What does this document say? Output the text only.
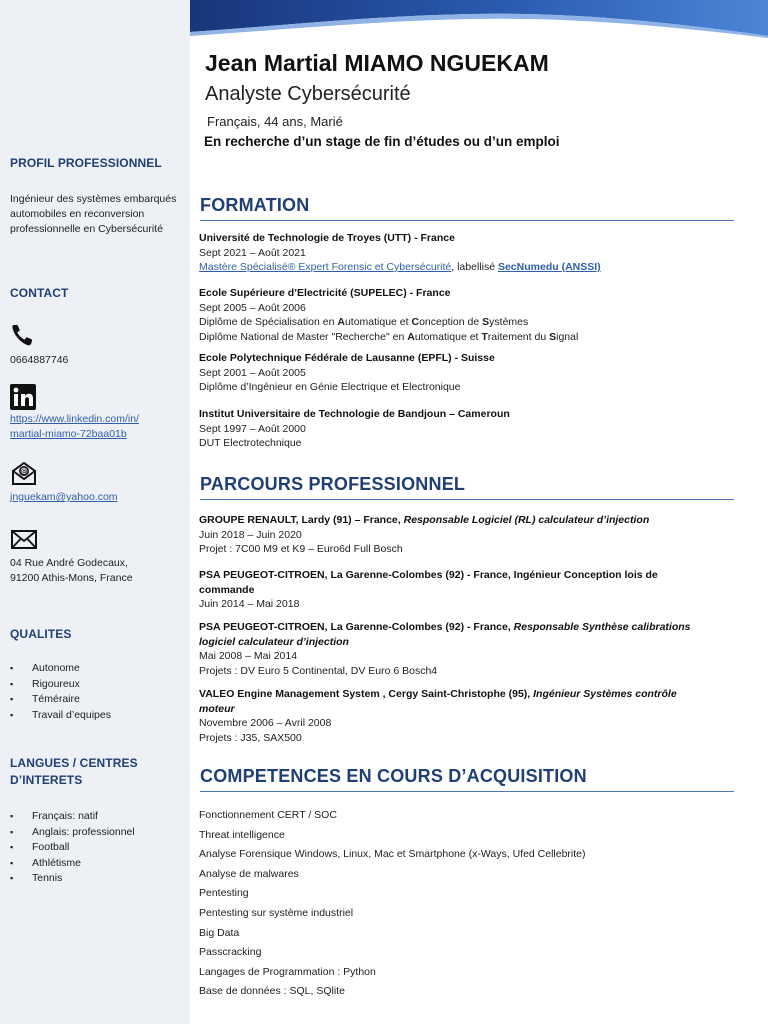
PROFIL PROFESSIONNEL
Ingénieur des systèmes embarqués automobiles en reconversion professionnelle en Cybersécurité
CONTACT
0664887746
https://www.linkedin.com/in/
martial-miamo-72baa01b
@
jnguekam@yahoo.com
04 Rue André Godecaux,
91200 Athis-Mons, France
QUALITES
▪ Autonome
▪ Rigoureux
▪ Téméraire
▪ Travail d’equipes
LANGUES / CENTRES
D’INTERETS
▪ Français: natif
▪ Anglais: professionnel
▪ Football
▪ Athlétisme
▪ Tennis
Jean Martial MIAMO NGUEKAM
Analyste Cybersécurité
Français, 44 ans, Marié
En recherche d’un stage de fin d’études ou d’un emploi
FORMATION
Université de Technologie de Troyes (UTT) - France
Sept 2021 – Août 2021
Mastère Spécialisé® Expert Forensic et Cybersécurité, labellisé SecNumedu (ANSSI)
Ecole Supérieure d’Electricité (SUPELEC) - France
Sept 2005 – Août 2006
Diplôme de Spécialisation en Automatique et Conception de Systèmes
Diplôme National de Master "Recherche" en Automatique et Traitement du Signal
Ecole Polytechnique Fédérale de Lausanne (EPFL) - Suisse
Sept 2001 – Août 2005
Diplôme d’Ingénieur en Génie Electrique et Electronique
Institut Universitaire de Technologie de Bandjoun – Cameroun
Sept 1997 – Août 2000
DUT Electrotechnique
PARCOURS PROFESSIONNEL
GROUPE RENAULT, Lardy (91) – France, Responsable Logiciel (RL) calculateur d’injection
Juin 2018 – Juin 2020
Projet : 7C00 M9 et K9 – Euro6d Full Bosch
PSA PEUGEOT-CITROEN, La Garenne-Colombes (92) - France, Ingénieur Conception lois de
commande
Juin 2014 – Mai 2018
PSA PEUGEOT-CITROEN, La Garenne-Colombes (92) - France, Responsable Synthèse calibrations
logiciel calculateur d’injection
Mai 2008 – Mai 2014
Projets : DV Euro 5 Continental, DV Euro 6 Bosch4
VALEO Engine Management System , Cergy Saint-Christophe (95), Ingénieur Systèmes contrôle
moteur
Novembre 2006 – Avril 2008
Projets : J35, SAX500
COMPETENCES EN COURS D’ACQUISITION
Fonctionnement CERT / SOC
Threat intelligence
Analyse Forensique Windows, Linux, Mac et Smartphone (x-Ways, Ufed Cellebrite)
Analyse de malwares
Pentesting
Pentesting sur système industriel
Big Data
Passcracking
Langages de Programmation : Python
Base de données : SQL, SQlite
